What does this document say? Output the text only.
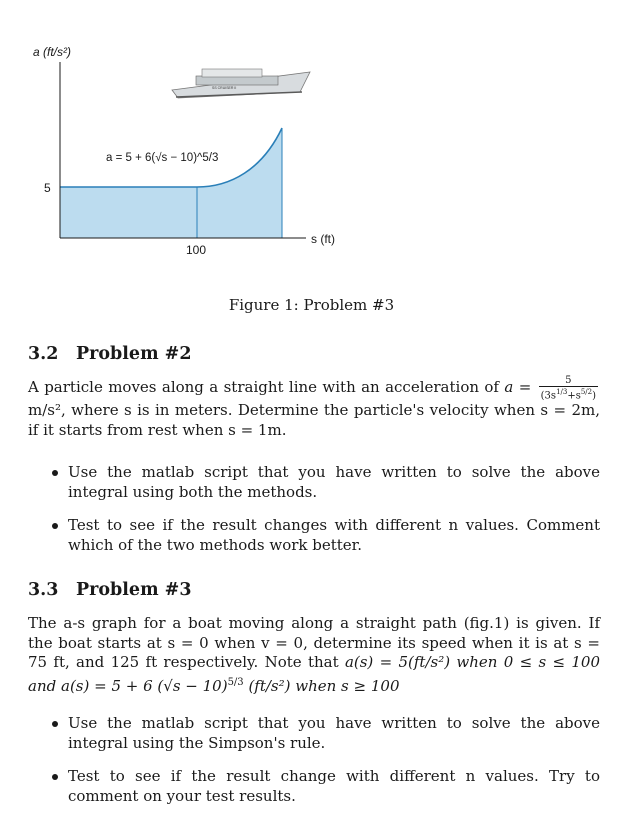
SS CRUISER II
a (ft/s²)
s (ft)
5
100
a = 5 + 6(√s − 10)^5/3
Figure 1: Problem #3
3.2 Problem #2
A particle moves along a straight line with an acceleration of $a = \frac{5}{(3s^{1/3}+s^{5/2})}$
m/s², where s is in meters. Determine the particle's velocity when s = 2m, if it starts from rest when s = 1m.
Use the matlab script that you have written to solve the above integral using both the methods.
Test to see if the result changes with different n values. Comment which of the two methods work better.
3.3 Problem #3
The a-s graph for a boat moving along a straight path (fig.1) is given. If the boat starts at s = 0 when v = 0, determine its speed when it is at s = 75 ft, and 125 ft respectively. Note that a(s) = 5(ft/s²) when 0 ≤ s ≤ 100 and a(s) = 5 + 6 $(√s - 10)^{5/3}$ (ft/s²) when s ≥ 100
Use the matlab script that you have written to solve the above integral using the Simpson's rule.
Test to see if the result change with different n values. Try to comment on your test results.
